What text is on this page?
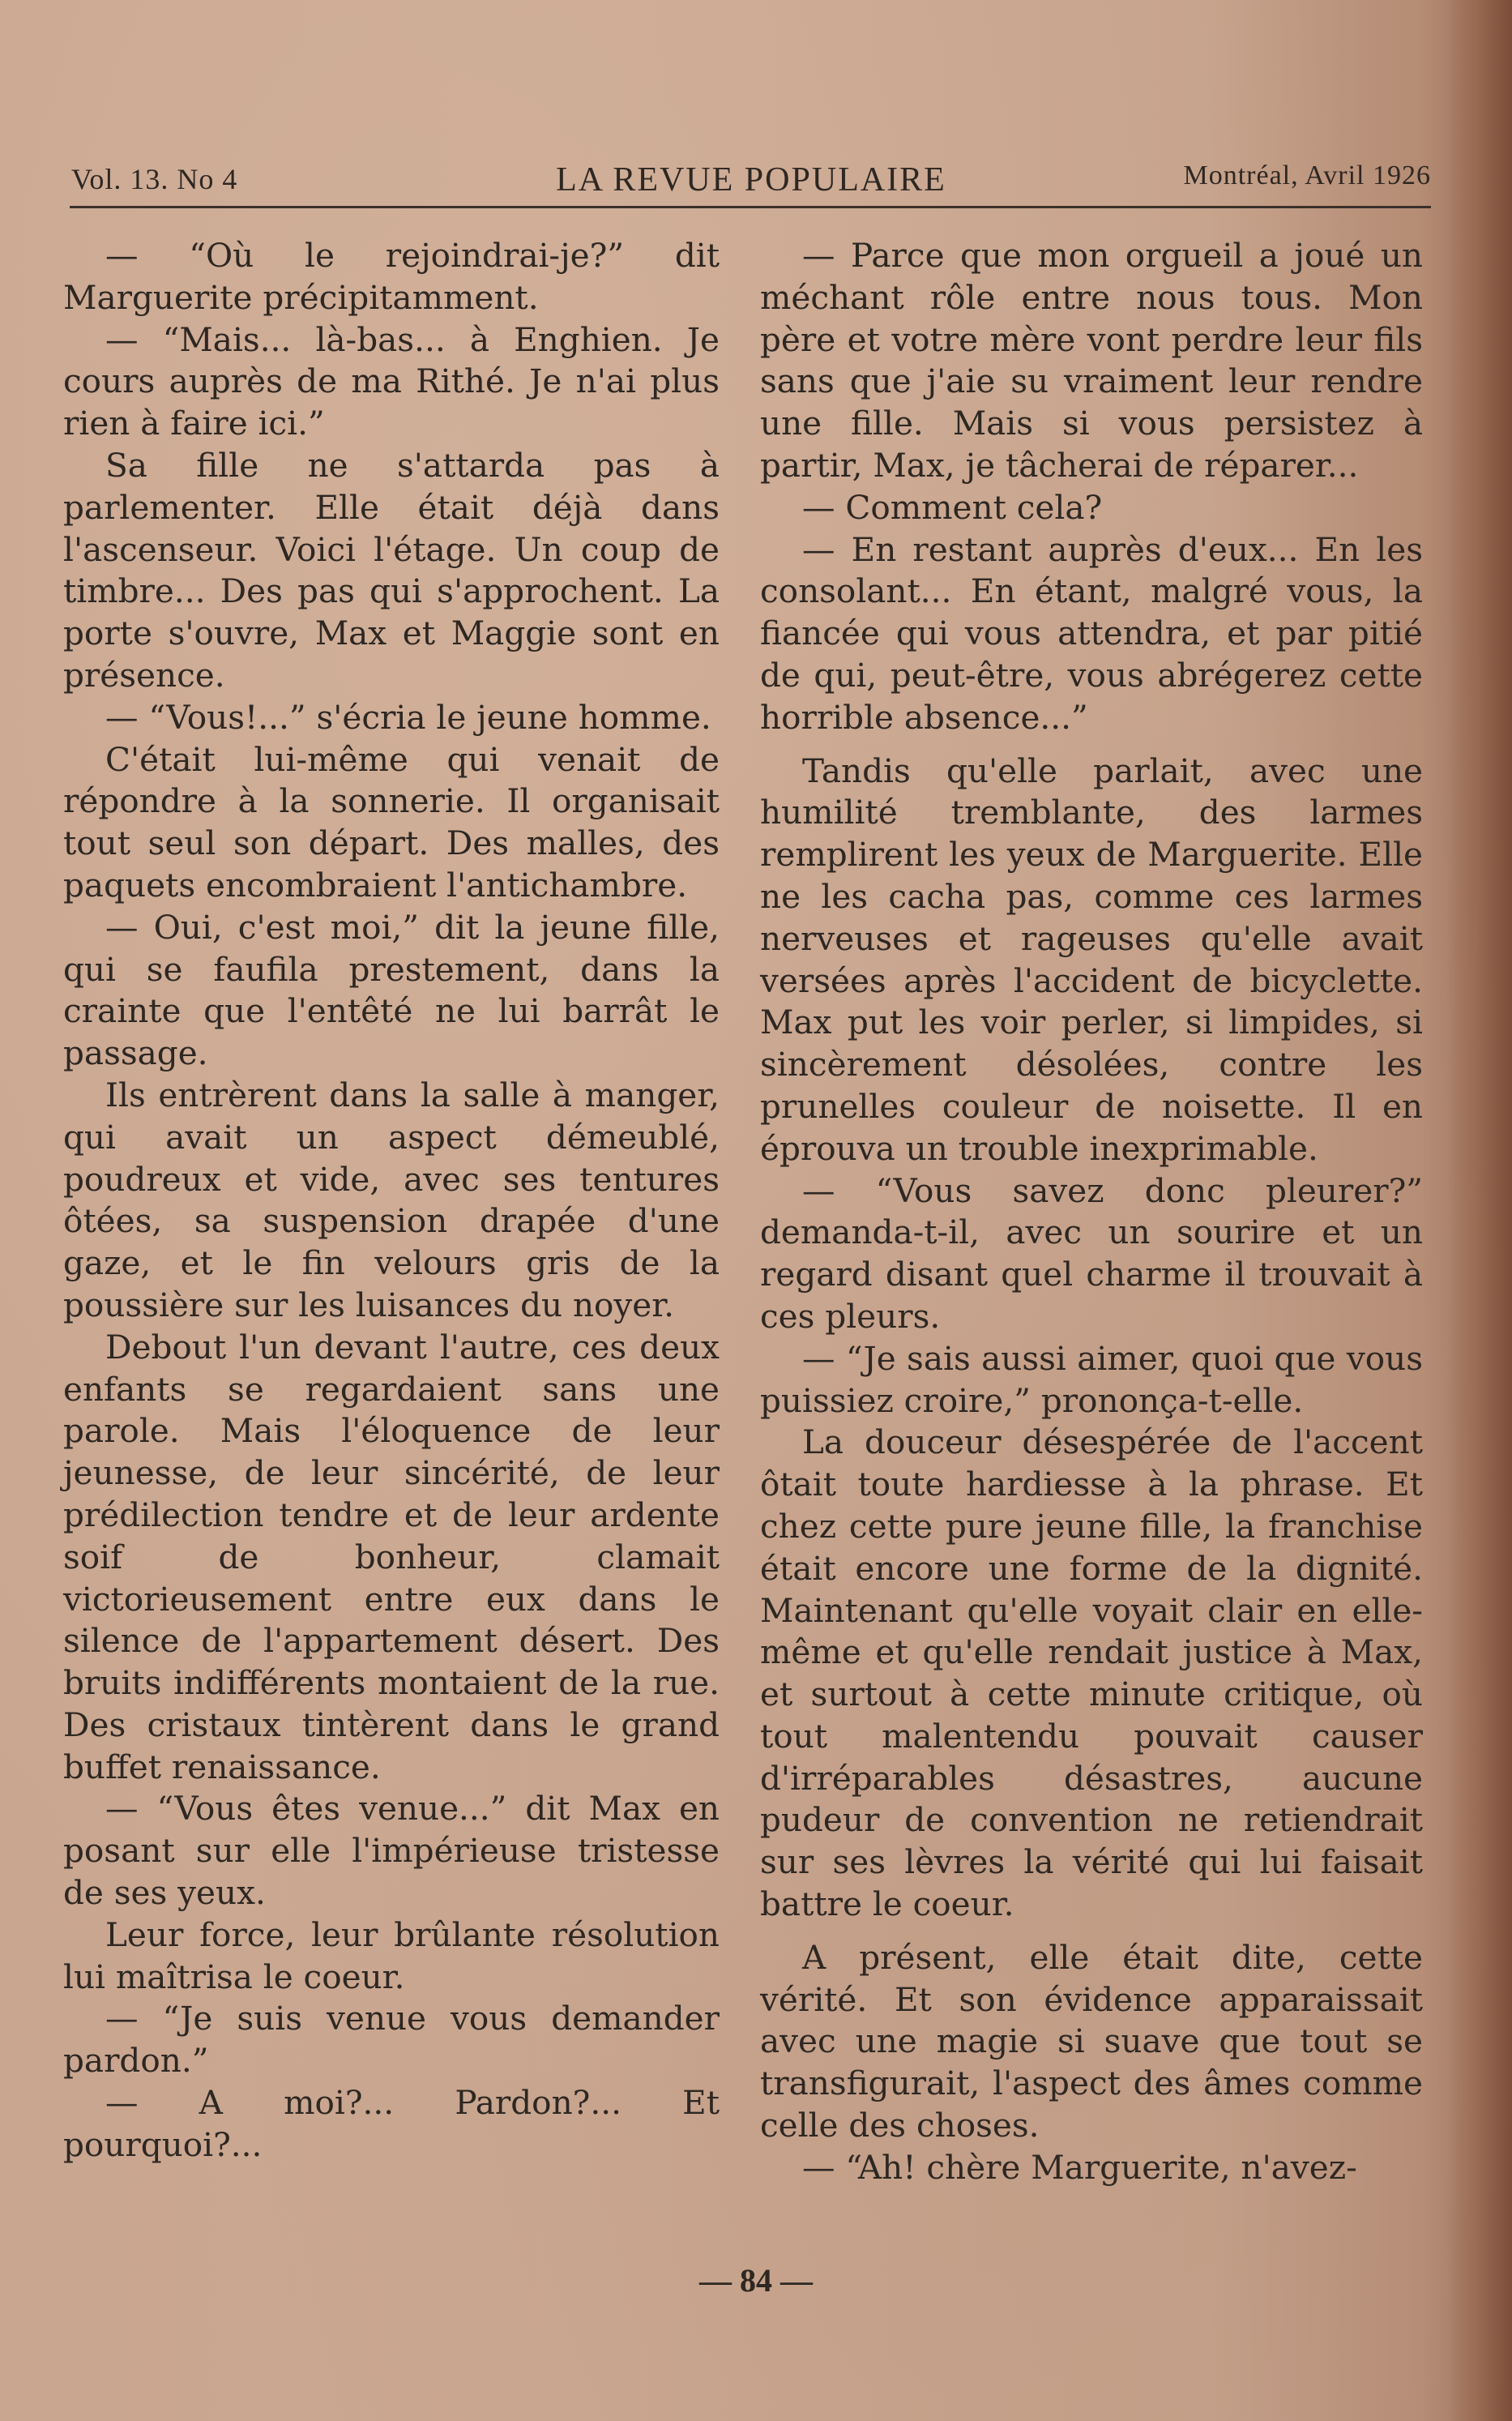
Vol. 13. No 4	LA REVUE POPULAIRE	Montréal, Avril 1926

— “Où le rejoindrai-je?” dit Marguerite précipitamment.

— “Mais... là-bas... à Enghien. Je cours auprès de ma Rithé. Je n'ai plus rien à faire ici.”

Sa fille ne s'attarda pas à parlementer. Elle était déjà dans l'ascenseur. Voici l'étage. Un coup de timbre... Des pas qui s'approchent. La porte s'ouvre, Max et Maggie sont en présence.

— “Vous!...” s'écria le jeune homme.

C'était lui-même qui venait de répondre à la sonnerie. Il organisait tout seul son départ. Des malles, des paquets encombraient l'antichambre.

— Oui, c'est moi,” dit la jeune fille, qui se faufila prestement, dans la crainte que l'entêté ne lui barrât le passage.

Ils entrèrent dans la salle à manger, qui avait un aspect démeublé, poudreux et vide, avec ses tentures ôtées, sa suspension drapée d'une gaze, et le fin velours gris de la poussière sur les luisances du noyer.

Debout l'un devant l'autre, ces deux enfants se regardaient sans une parole. Mais l'éloquence de leur jeunesse, de leur sincérité, de leur prédilection tendre et de leur ardente soif de bonheur, clamait victorieusement entre eux dans le silence de l'appartement désert. Des bruits indifférents montaient de la rue. Des cristaux tintèrent dans le grand buffet renaissance.

— “Vous êtes venue...” dit Max en posant sur elle l'impérieuse tristesse de ses yeux.

Leur force, leur brûlante résolution lui maîtrisa le coeur.

— “Je suis venue vous demander pardon.”

— A moi?... Pardon?... Et pourquoi?...

— Parce que mon orgueil a joué un méchant rôle entre nous tous. Mon père et votre mère vont perdre leur fils sans que j'aie su vraiment leur rendre une fille. Mais si vous persistez à partir, Max, je tâcherai de réparer...

— Comment cela?

— En restant auprès d'eux... En les consolant... En étant, malgré vous, la fiancée qui vous attendra, et par pitié de qui, peut-être, vous abrégerez cette horrible absence...”

Tandis qu'elle parlait, avec une humilité tremblante, des larmes remplirent les yeux de Marguerite. Elle ne les cacha pas, comme ces larmes nerveuses et rageuses qu'elle avait versées après l'accident de bicyclette. Max put les voir perler, si limpides, si sincèrement désolées, contre les prunelles couleur de noisette. Il en éprouva un trouble inexprimable.

— “Vous savez donc pleurer?” demanda-t-il, avec un sourire et un regard disant quel charme il trouvait à ces pleurs.

— “Je sais aussi aimer, quoi que vous puissiez croire,” prononça-t-elle.

La douceur désespérée de l'accent ôtait toute hardiesse à la phrase. Et chez cette pure jeune fille, la franchise était encore une forme de la dignité. Maintenant qu'elle voyait clair en elle-même et qu'elle rendait justice à Max, et surtout à cette minute critique, où tout malentendu pouvait causer d'irréparables désastres, aucune pudeur de convention ne retiendrait sur ses lèvres la vérité qui lui faisait battre le coeur.

A présent, elle était dite, cette vérité. Et son évidence apparaissait avec une magie si suave que tout se transfigurait, l'aspect des âmes comme celle des choses.

— “Ah! chère Marguerite, n'avez-

— 84 —
